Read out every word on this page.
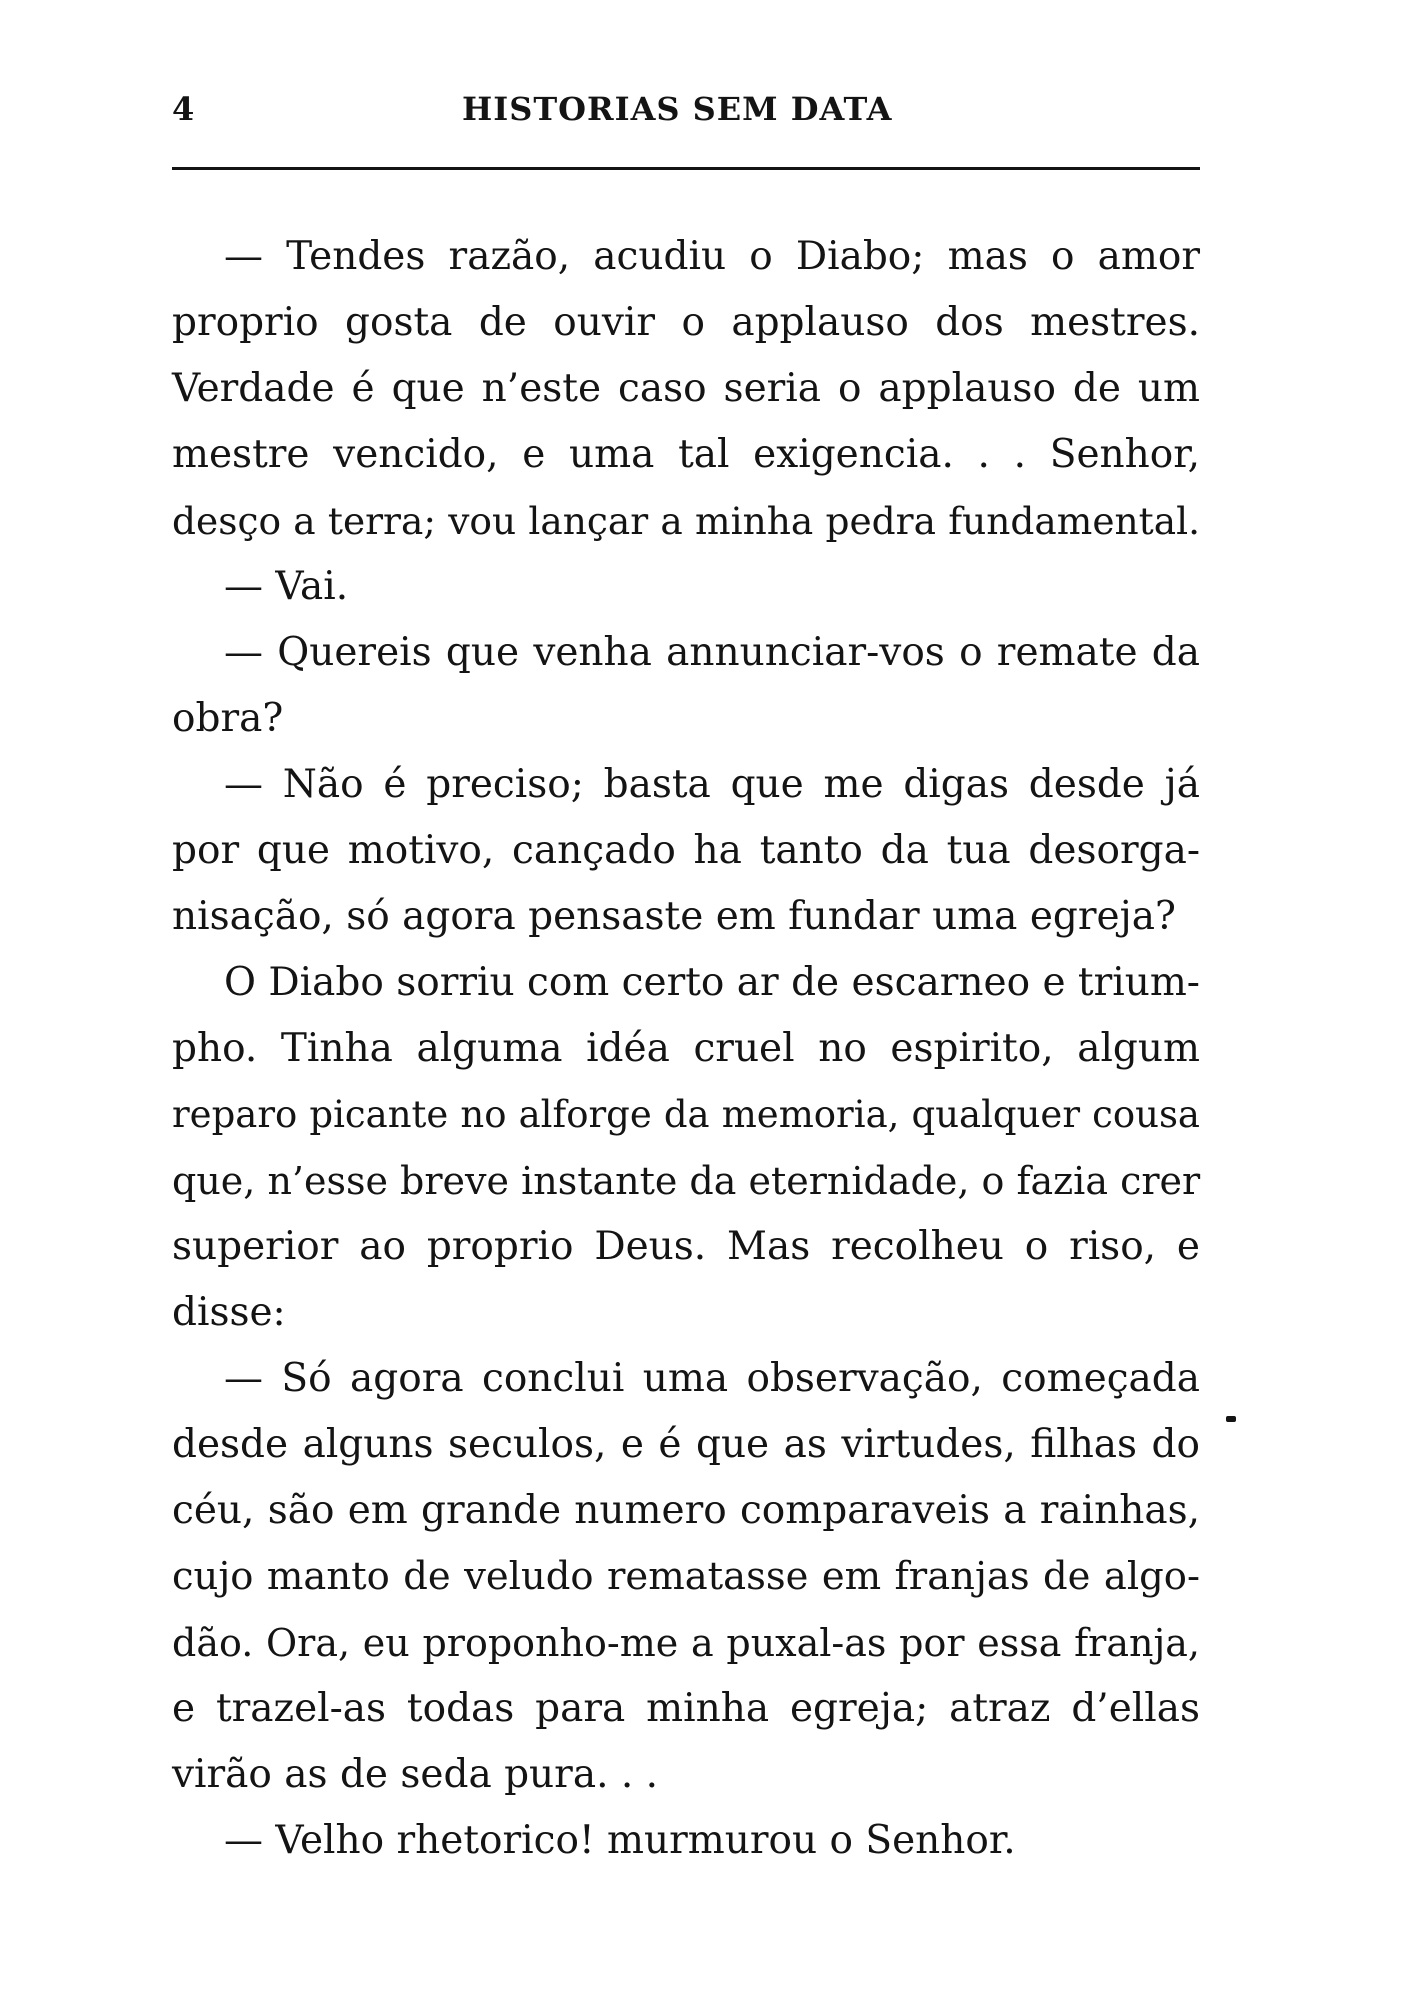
4	HISTORIAS SEM DATA
— Tendes razão, acudiu o Diabo; mas o amor
proprio gosta de ouvir o applauso dos mestres.
Verdade é que n’este caso seria o applauso de um
mestre vencido, e uma tal exigencia. . . Senhor,
desço a terra; vou lançar a minha pedra fundamental.
— Vai.
— Quereis que venha annunciar-vos o remate da
obra?
— Não é preciso; basta que me digas desde já
por que motivo, cançado ha tanto da tua desorga-
nisação, só agora pensaste em fundar uma egreja?
O Diabo sorriu com certo ar de escarneo e trium-
pho. Tinha alguma idéa cruel no espirito, algum
reparo picante no alforge da memoria, qualquer cousa
que, n’esse breve instante da eternidade, o fazia crer
superior ao proprio Deus. Mas recolheu o riso, e
disse:
— Só agora conclui uma observação, começada
desde alguns seculos, e é que as virtudes, filhas do
céu, são em grande numero comparaveis a rainhas,
cujo manto de veludo rematasse em franjas de algo-
dão. Ora, eu proponho-me a puxal-as por essa franja,
e trazel-as todas para minha egreja; atraz d’ellas
virão as de seda pura. . .
— Velho rhetorico! murmurou o Senhor.
